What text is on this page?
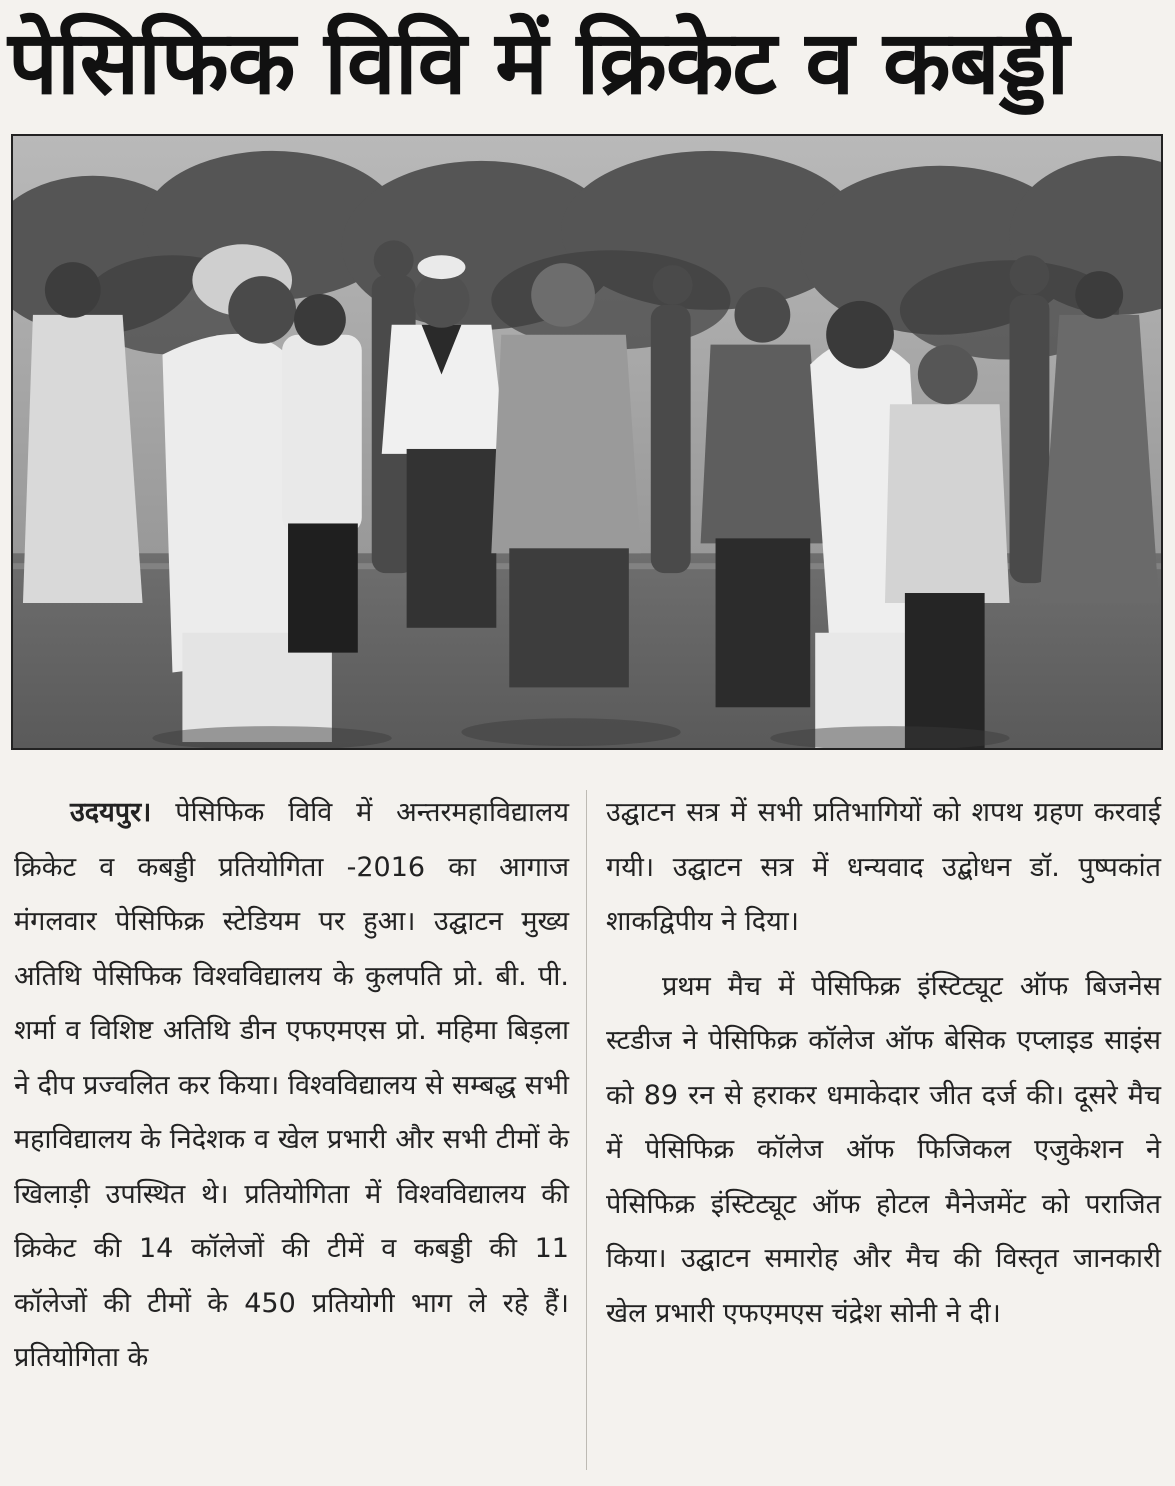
पेसिफिक विवि में क्रिकेट व कबड्डी

उदयपुर। पेसिफिक विवि में अन्तरमहाविद्यालय क्रिकेट व कबड्डी प्रतियोगिता -2016 का आगाज मंगलवार पेसिफिक्र स्टेडियम पर हुआ। उद्घाटन मुख्य अतिथि पेसिफिक विश्वविद्यालय के कुलपति प्रो. बी. पी. शर्मा व विशिष्ट अतिथि डीन एफएमएस प्रो. महिमा बिड़ला ने दीप प्रज्वलित कर किया। विश्वविद्यालय से सम्बद्ध सभी महाविद्यालय के निदेशक व खेल प्रभारी और सभी टीमों के खिलाड़ी उपस्थित थे। प्रतियोगिता में विश्वविद्यालय की क्रिकेट की 14 कॉलेजों की टीमें व कबड्डी की 11 कॉलेजों की टीमों के 450 प्रतियोगी भाग ले रहे हैं। प्रतियोगिता के

उद्घाटन सत्र में सभी प्रतिभागियों को शपथ ग्रहण करवाई गयी। उद्घाटन सत्र में धन्यवाद उद्बोधन डॉ. पुष्पकांत शाकद्विपीय ने दिया।

प्रथम मैच में पेसिफिक्र इंस्टिट्यूट ऑफ बिजनेस स्टडीज ने पेसिफिक्र कॉलेज ऑफ बेसिक एप्लाइड साइंस को 89 रन से हराकर धमाकेदार जीत दर्ज की। दूसरे मैच में पेसिफिक्र कॉलेज ऑफ फिजिकल एजुकेशन ने पेसिफिक्र इंस्टिट्यूट ऑफ होटल मैनेजमेंट को पराजित किया। उद्घाटन समारोह और मैच की विस्तृत जानकारी खेल प्रभारी एफएमएस चंद्रेश सोनी ने दी।
